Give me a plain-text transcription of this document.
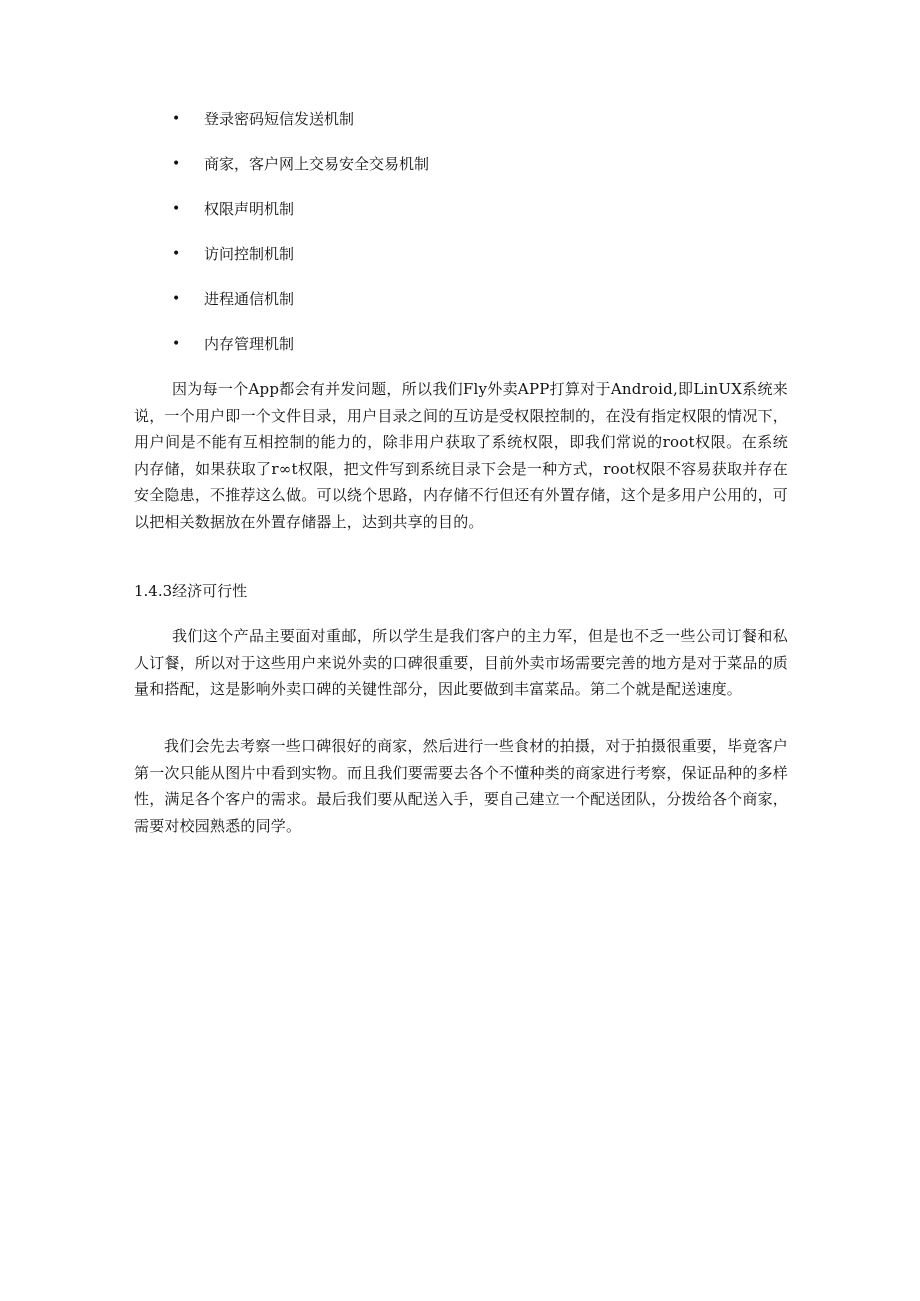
•	登录密码短信发送机制
•	商家，客户网上交易安全交易机制
•	权限声明机制
•	访问控制机制
•	进程通信机制
•	内存管理机制

因为每一个App都会有并发问题，所以我们Fly外卖APP打算对于Android,即LinUX系统来说，一个用户即一个文件目录，用户目录之间的互访是受权限控制的，在没有指定权限的情况下，用户间是不能有互相控制的能力的，除非用户获取了系统权限，即我们常说的root权限。在系统内存储，如果获取了r∞t权限，把文件写到系统目录下会是一种方式，root权限不容易获取并存在安全隐患，不推荐这么做。可以绕个思路，内存储不行但还有外置存储，这个是多用户公用的，可以把相关数据放在外置存储器上，达到共享的目的。

1.4.3经济可行性

我们这个产品主要面对重邮，所以学生是我们客户的主力军，但是也不乏一些公司订餐和私人订餐，所以对于这些用户来说外卖的口碑很重要，目前外卖市场需要完善的地方是对于菜品的质量和搭配，这是影响外卖口碑的关键性部分，因此要做到丰富菜品。第二个就是配送速度。

我们会先去考察一些口碑很好的商家，然后进行一些食材的拍摄，对于拍摄很重要，毕竟客户第一次只能从图片中看到实物。而且我们要需要去各个不懂种类的商家进行考察，保证品种的多样性，满足各个客户的需求。最后我们要从配送入手，要自己建立一个配送团队，分拨给各个商家，需要对校园熟悉的同学。
